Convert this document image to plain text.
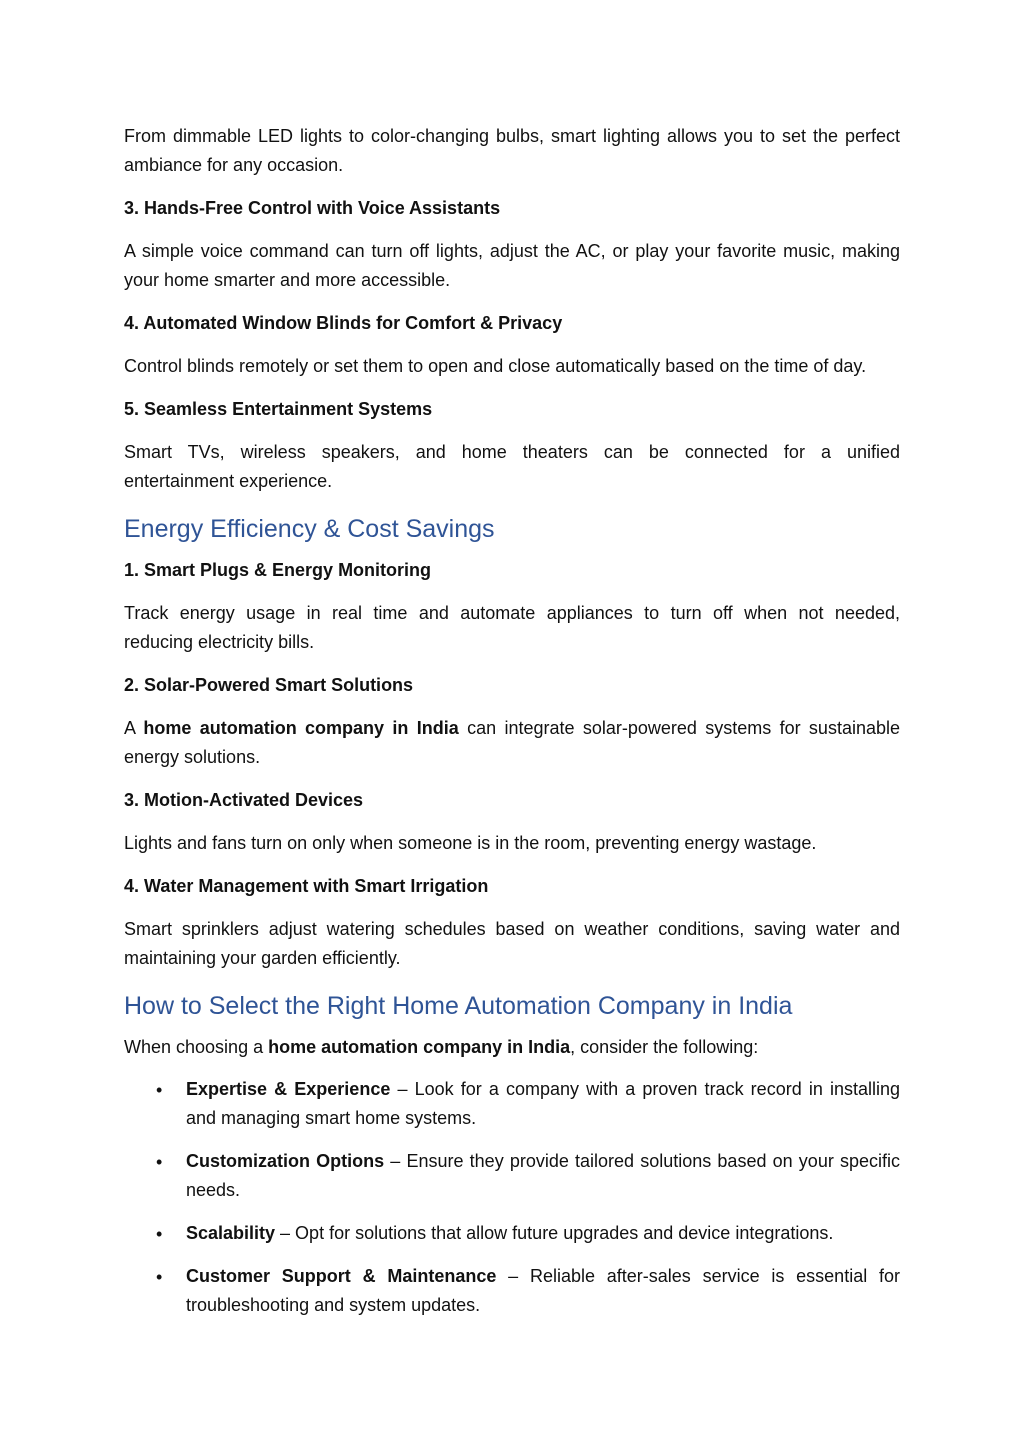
From dimmable LED lights to color-changing bulbs, smart lighting allows you to set the perfect
ambiance for any occasion.
3. Hands-Free Control with Voice Assistants
A simple voice command can turn off lights, adjust the AC, or play your favorite music, making
your home smarter and more accessible.
4. Automated Window Blinds for Comfort & Privacy
Control blinds remotely or set them to open and close automatically based on the time of day.
5. Seamless Entertainment Systems
Smart TVs, wireless speakers, and home theaters can be connected for a unified
entertainment experience.
Energy Efficiency & Cost Savings
1. Smart Plugs & Energy Monitoring
Track energy usage in real time and automate appliances to turn off when not needed,
reducing electricity bills.
2. Solar-Powered Smart Solutions
A home automation company in India can integrate solar-powered systems for sustainable
energy solutions.
3. Motion-Activated Devices
Lights and fans turn on only when someone is in the room, preventing energy wastage.
4. Water Management with Smart Irrigation
Smart sprinklers adjust watering schedules based on weather conditions, saving water and
maintaining your garden efficiently.
How to Select the Right Home Automation Company in India
When choosing a home automation company in India, consider the following:
• Expertise & Experience – Look for a company with a proven track record in installing
and managing smart home systems.
• Customization Options – Ensure they provide tailored solutions based on your specific
needs.
• Scalability – Opt for solutions that allow future upgrades and device integrations.
• Customer Support & Maintenance – Reliable after-sales service is essential for
troubleshooting and system updates.
